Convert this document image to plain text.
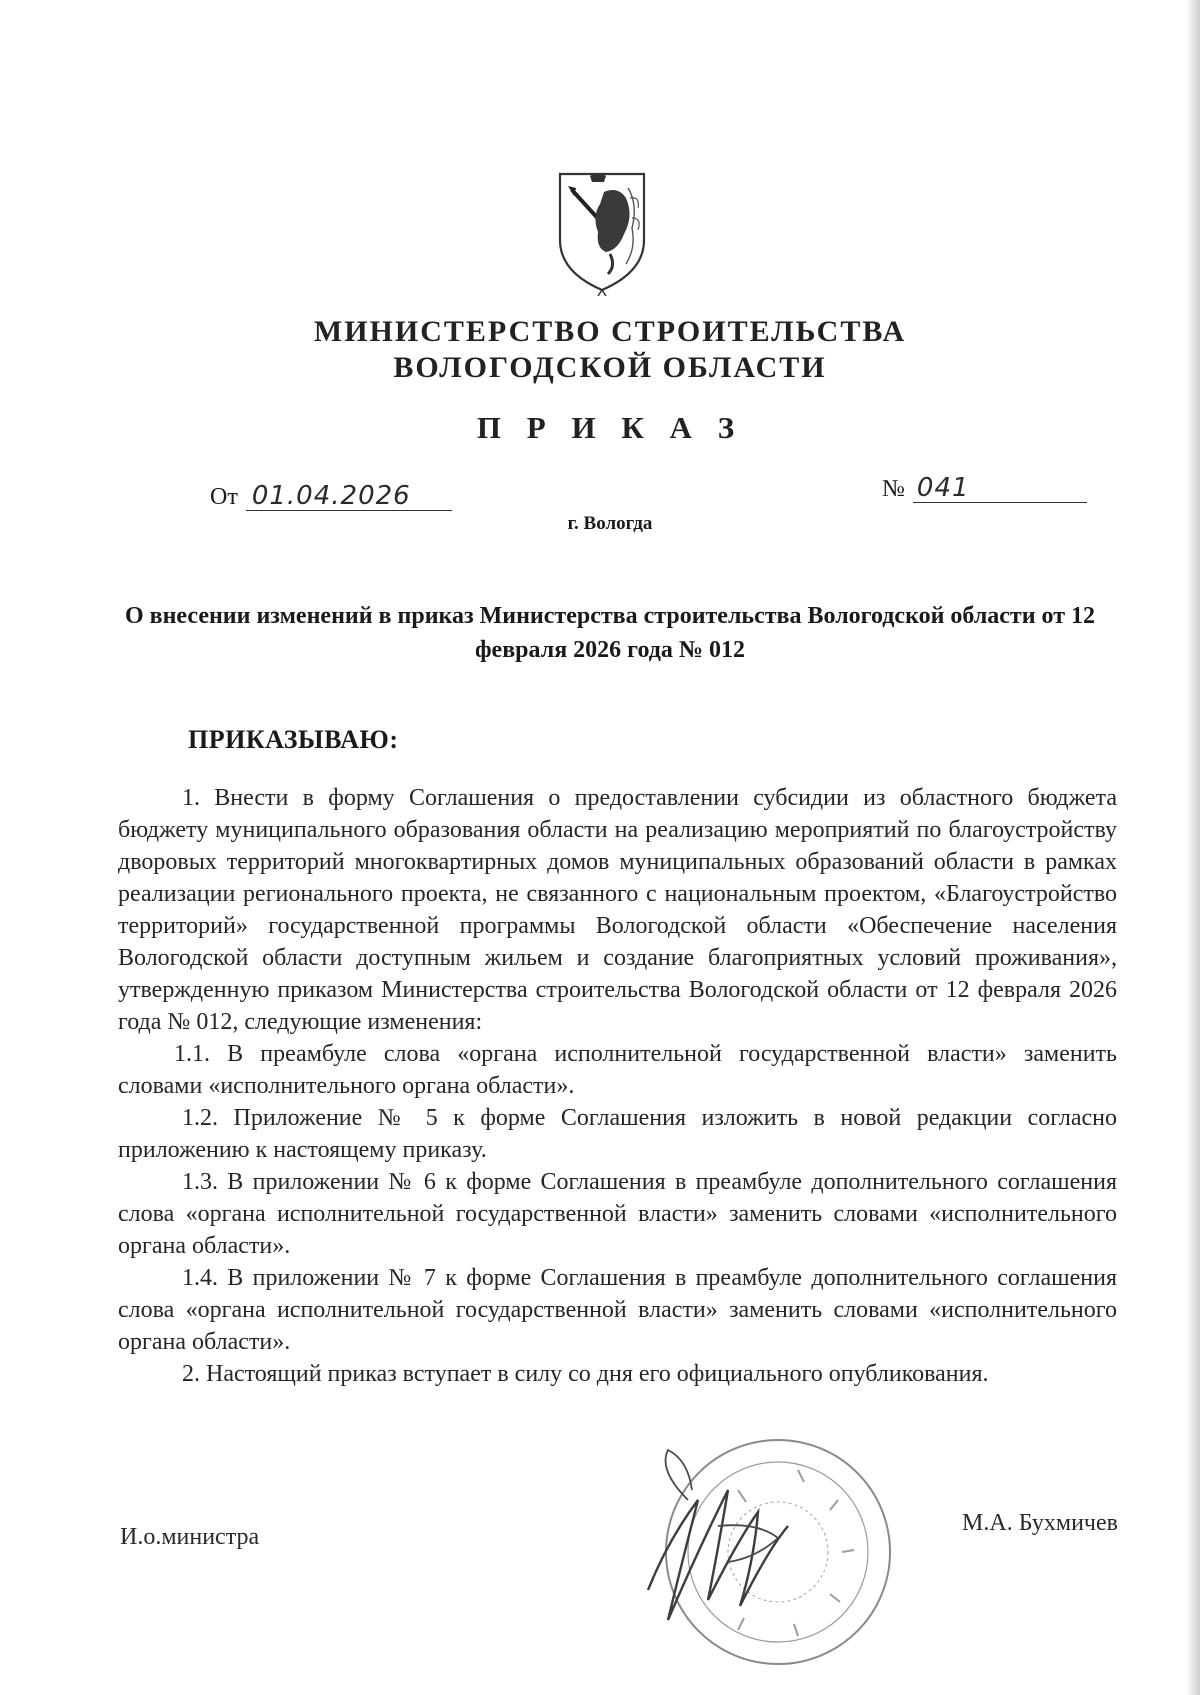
МИНИСТЕРСТВО СТРОИТЕЛЬСТВА
ВОЛОГОДСКОЙ ОБЛАСТИ
П Р И К А З
От 01.04.2026	№ 041
г. Вологда
О внесении изменений в приказ Министерства строительства Вологодской области от 12 февраля 2026 года № 012
ПРИКАЗЫВАЮ:

1. Внести в форму Соглашения о предоставлении субсидии из областного бюджета бюджету муниципального образования области на реализацию мероприятий по благоустройству дворовых территорий многоквартирных домов муниципальных образований области в рамках реализации регионального проекта, не связанного с национальным проектом, «Благоустройство территорий» государственной программы Вологодской области «Обеспечение населения Вологодской области доступным жильем и создание благоприятных условий проживания», утвержденную приказом Министерства строительства Вологодской области от 12 февраля 2026 года № 012, следующие изменения:

1.1. В преамбуле слова «органа исполнительной государственной власти» заменить словами «исполнительного органа области».

1.2. Приложение № 5 к форме Соглашения изложить в новой редакции согласно приложению к настоящему приказу.

1.3. В приложении № 6 к форме Соглашения в преамбуле дополнительного соглашения слова «органа исполнительной государственной власти» заменить словами «исполнительного органа области».

1.4. В приложении № 7 к форме Соглашения в преамбуле дополнительного соглашения слова «органа исполнительной государственной власти» заменить словами «исполнительного органа области».

2. Настоящий приказ вступает в силу со дня его официального опубликования.

И.о.министра
М.А. Бухмичев
